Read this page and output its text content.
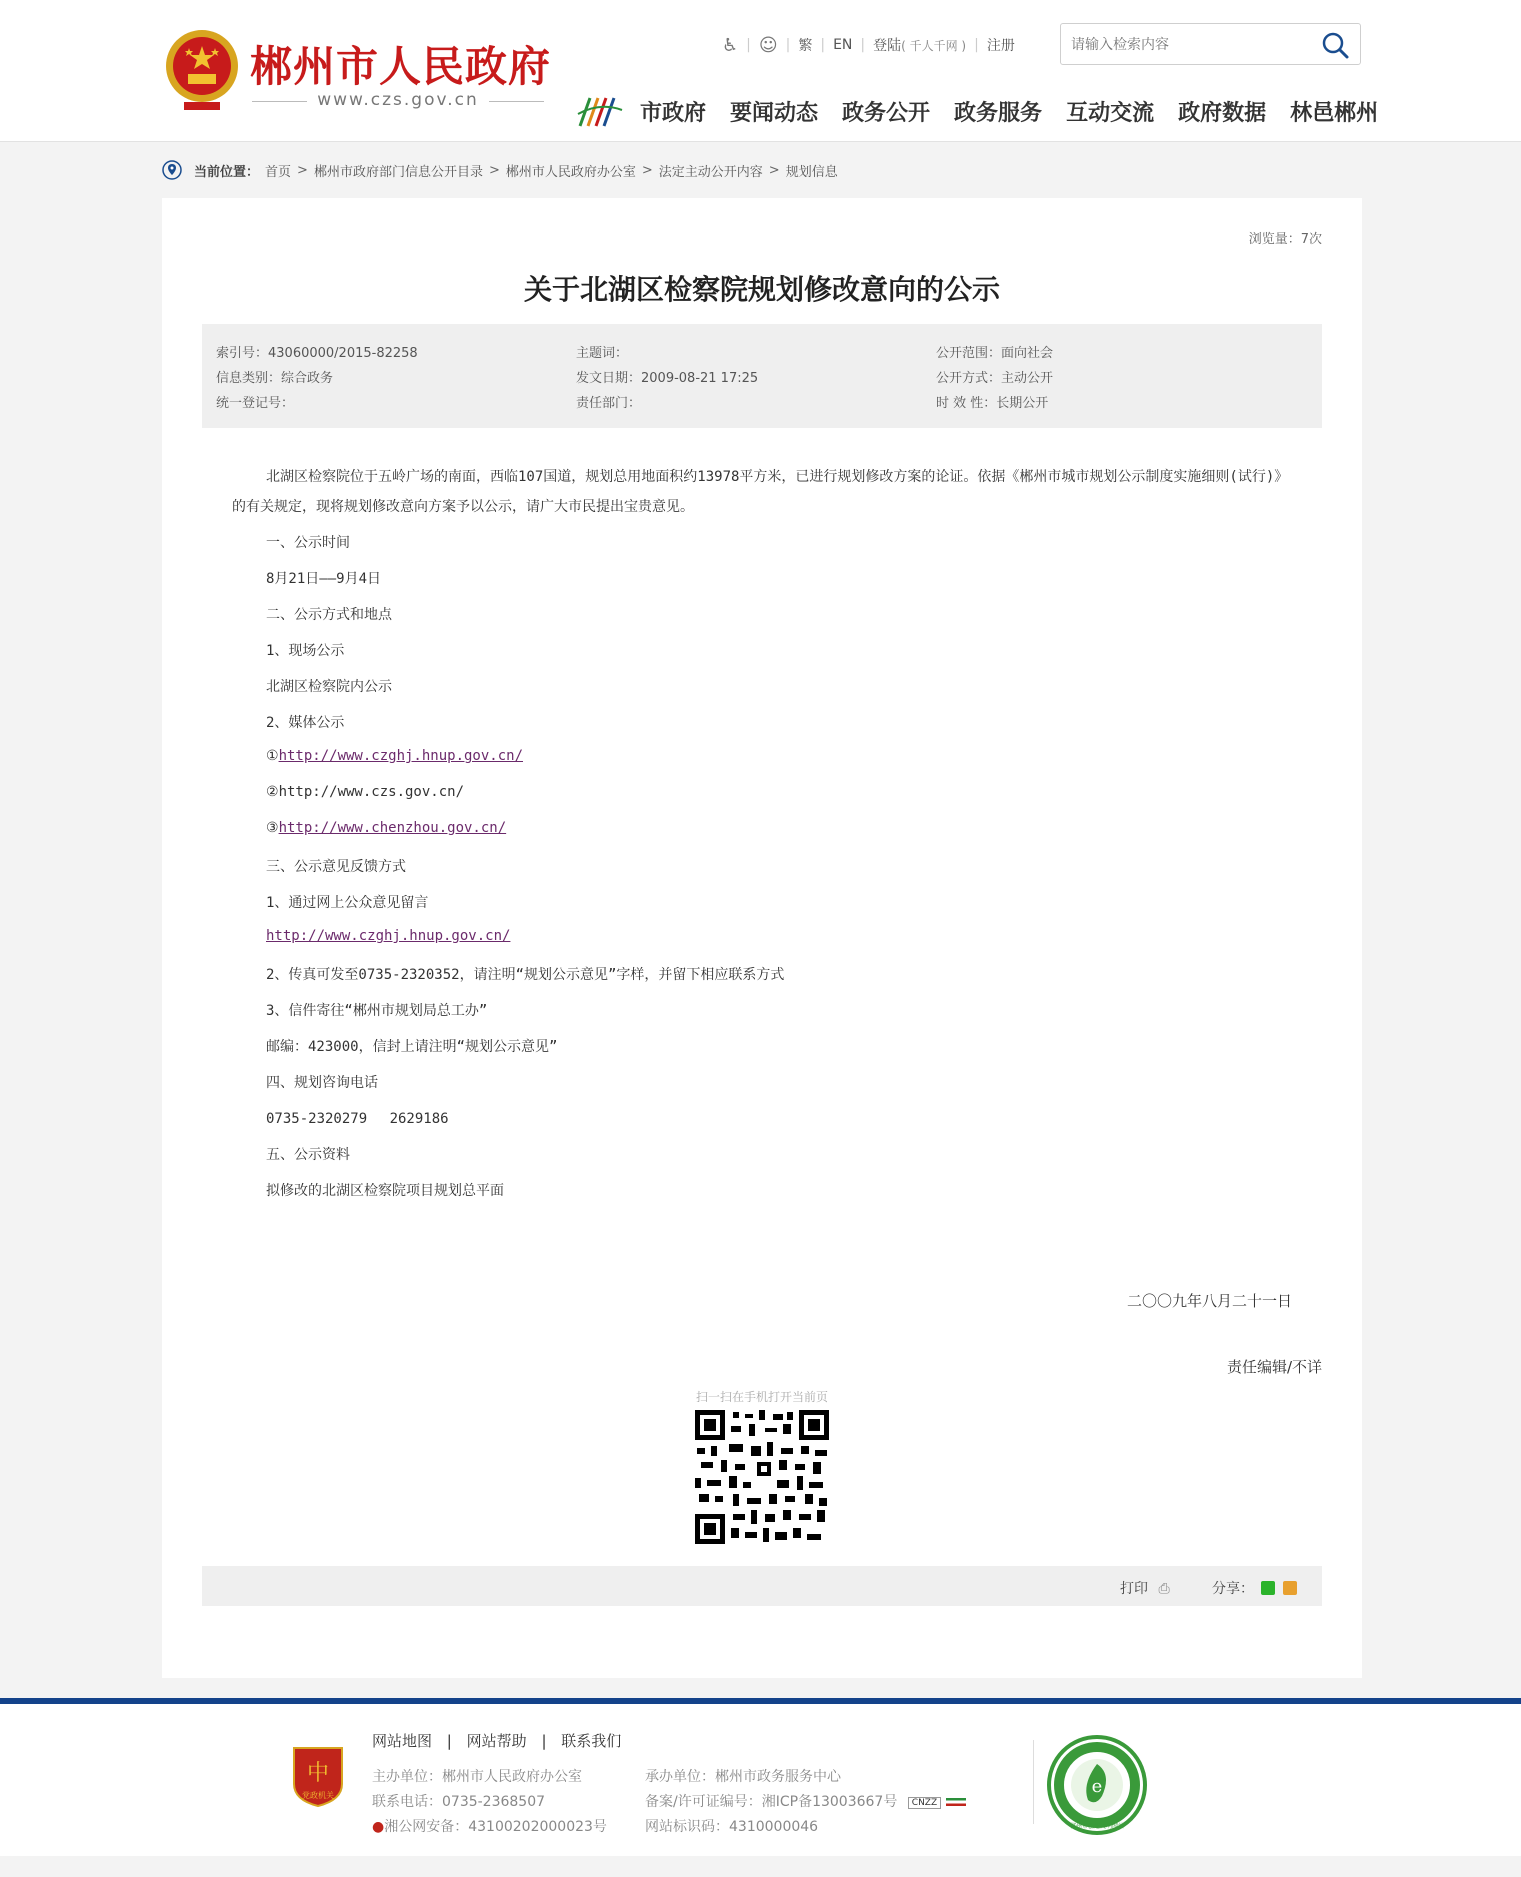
郴州市人民政府
www.czs.gov.cn
♿ | ☺ | 繁 | EN | 登陆 ( 千人千网 ) | 注册
请输入检索内容
市政府 要闻动态 政务公开 政务服务 互动交流 政府数据 林邑郴州
当前位置： 首页 > 郴州市政府部门信息公开目录 > 郴州市人民政府办公室 > 法定主动公开内容 > 规划信息
浏览量：7次
关于北湖区检察院规划修改意向的公示
索引号：43060000/2015-82258
信息类别：综合政务
统一登记号：
主题词：
发文日期：2009-08-21 17:25
责任部门：
公开范围：面向社会
公开方式：主动公开
时 效 性：长期公开

北湖区检察院位于五岭广场的南面，西临107国道，规划总用地面积约13978平方米，已进行规划修改方案的论证。依据《郴州市城市规划公示制度实施细则(试行)》的有关规定，现将规划修改意向方案予以公示，请广大市民提出宝贵意见。

一、公示时间

8月21日——9月4日

二、公示方式和地点

1、现场公示

北湖区检察院内公示

2、媒体公示

①http://www.czghj.hnup.gov.cn/

②http://www.czs.gov.cn/

③http://www.chenzhou.gov.cn/

三、公示意见反馈方式

1、通过网上公众意见留言

http://www.czghj.hnup.gov.cn/

2、传真可发至0735-2320352，请注明“规划公示意见”字样，并留下相应联系方式

3、信件寄往“郴州市规划局总工办”

邮编：423000，信封上请注明“规划公示意见”

四、规划咨询电话

0735-2320279　 2629186

五、公示资料

拟修改的北湖区检察院项目规划总平面

二〇〇九年八月二十一日
责任编辑/不详
扫一扫在手机打开当前页
打印 ⎙	分享：
中
党政机关
网站地图 | 网站帮助 | 联系我们
主办单位：郴州市人民政府办公室
联系电话：0735-2368507
●湘公网安备：43100202000023号
承办单位：郴州市政务服务中心
备案/许可证编号：湘ICP备13003667号 CNZZ
网站标识码：4310000046
e
郴州市创建文明网站
